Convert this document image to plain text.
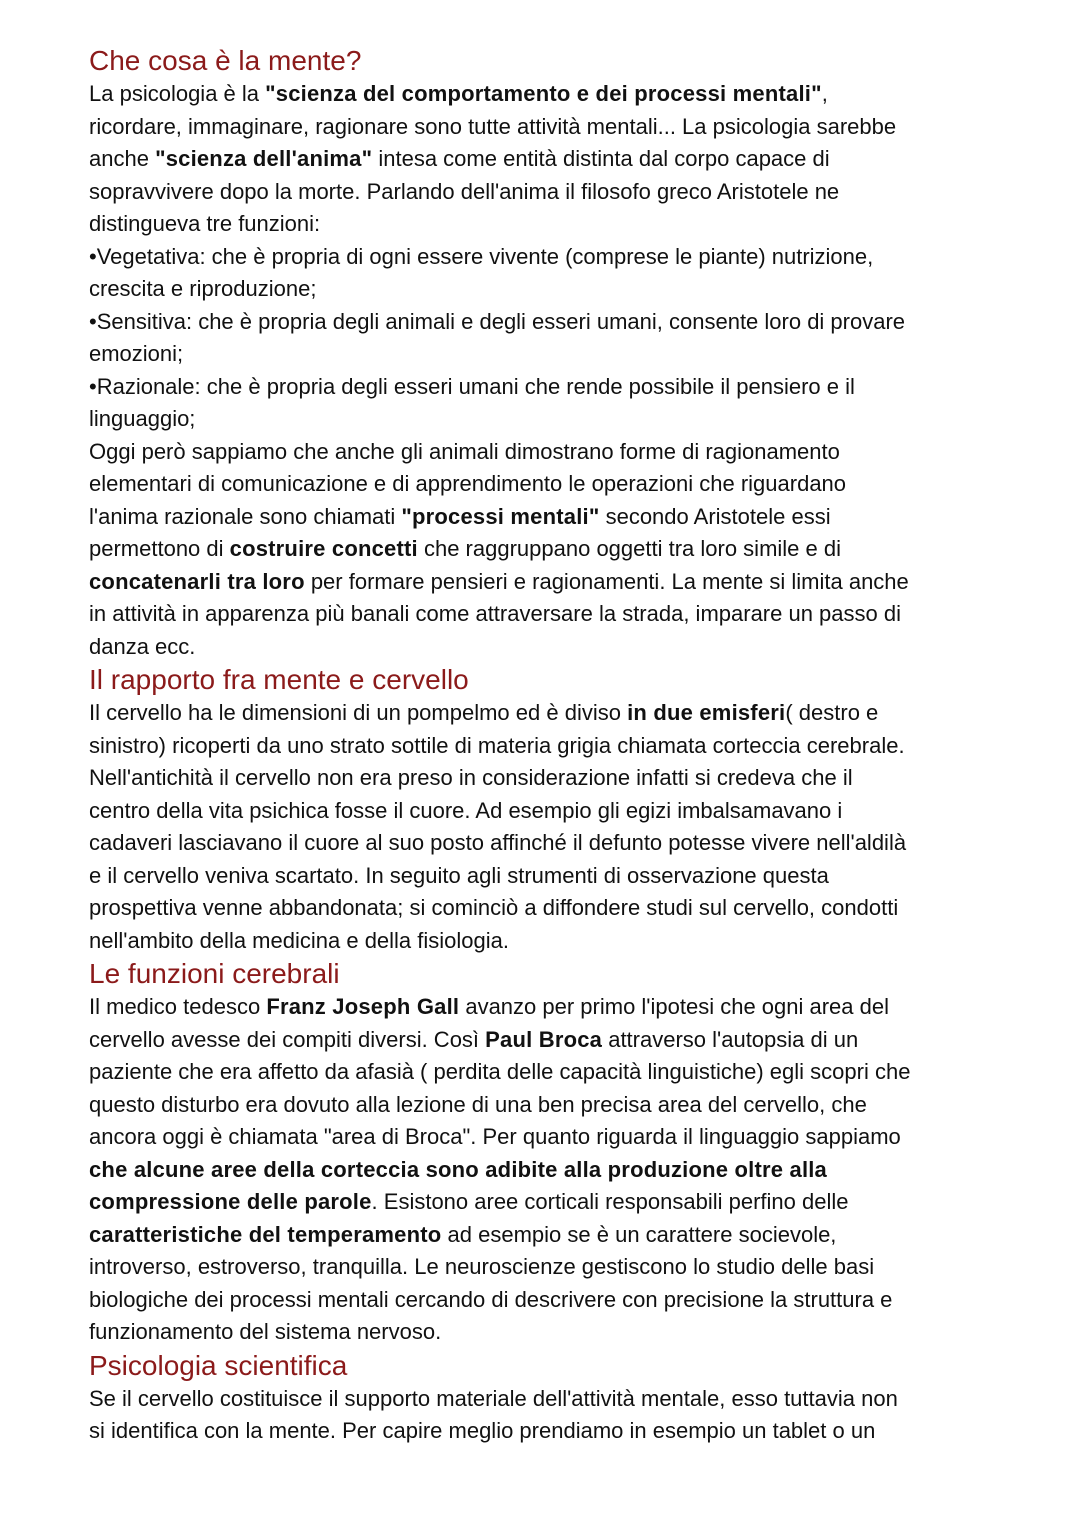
Che cosa è la mente?
La psicologia è la "scienza del comportamento e dei processi mentali",
ricordare, immaginare, ragionare sono tutte attività mentali... La psicologia sarebbe
anche "scienza dell'anima" intesa come entità distinta dal corpo capace di
sopravvivere dopo la morte. Parlando dell'anima il filosofo greco Aristotele ne
distingueva tre funzioni:
•Vegetativa: che è propria di ogni essere vivente (comprese le piante) nutrizione,
crescita e riproduzione;
•Sensitiva: che è propria degli animali e degli esseri umani, consente loro di provare
emozioni;
•Razionale: che è propria degli esseri umani che rende possibile il pensiero e il
linguaggio;
Oggi però sappiamo che anche gli animali dimostrano forme di ragionamento
elementari di comunicazione e di apprendimento le operazioni che riguardano
l'anima razionale sono chiamati "processi mentali" secondo Aristotele essi
permettono di costruire concetti che raggruppano oggetti tra loro simile e di
concatenarli tra loro per formare pensieri e ragionamenti. La mente si limita anche
in attività in apparenza più banali come attraversare la strada, imparare un passo di
danza ecc.
Il rapporto fra mente e cervello
Il cervello ha le dimensioni di un pompelmo ed è diviso in due emisferi( destro e
sinistro) ricoperti da uno strato sottile di materia grigia chiamata corteccia cerebrale.
Nell'antichità il cervello non era preso in considerazione infatti si credeva che il
centro della vita psichica fosse il cuore. Ad esempio gli egizi imbalsamavano i
cadaveri lasciavano il cuore al suo posto affinché il defunto potesse vivere nell'aldilà
e il cervello veniva scartato. In seguito agli strumenti di osservazione questa
prospettiva venne abbandonata; si cominciò a diffondere studi sul cervello, condotti
nell'ambito della medicina e della fisiologia.
Le funzioni cerebrali
Il medico tedesco Franz Joseph Gall avanzo per primo l'ipotesi che ogni area del
cervello avesse dei compiti diversi. Così Paul Broca attraverso l'autopsia di un
paziente che era affetto da afasià ( perdita delle capacità linguistiche) egli scopri che
questo disturbo era dovuto alla lezione di una ben precisa area del cervello, che
ancora oggi è chiamata "area di Broca". Per quanto riguarda il linguaggio sappiamo
che alcune aree della corteccia sono adibite alla produzione oltre alla
compressione delle parole. Esistono aree corticali responsabili perfino delle
caratteristiche del temperamento ad esempio se è un carattere socievole,
introverso, estroverso, tranquilla. Le neuroscienze gestiscono lo studio delle basi
biologiche dei processi mentali cercando di descrivere con precisione la struttura e
funzionamento del sistema nervoso.
Psicologia scientifica
Se il cervello costituisce il supporto materiale dell'attività mentale, esso tuttavia non
si identifica con la mente. Per capire meglio prendiamo in esempio un tablet o un
